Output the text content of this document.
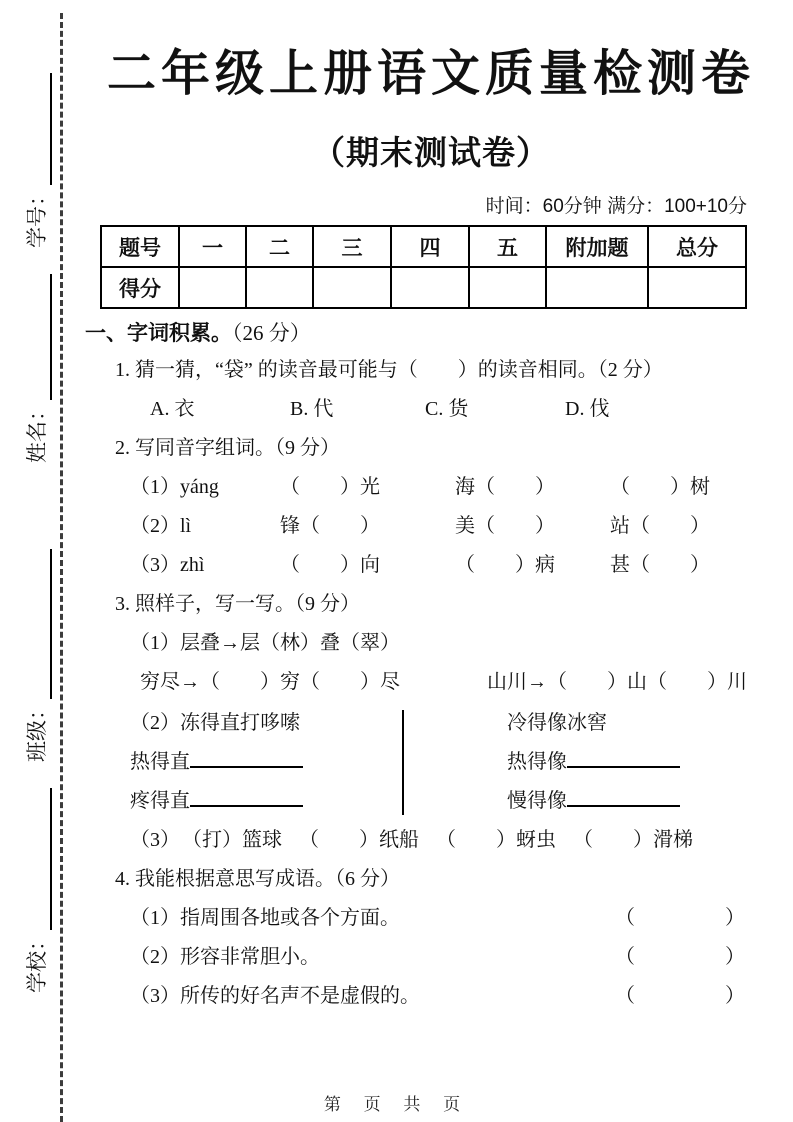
学校：
班级：
姓名：
学号：
二年级上册语文质量检测卷
（期末测试卷）
时间：60分钟 满分：100+10分
题号	一	二	三	四	五	附加题	总分
得分							
一、字词积累。（26 分）
1. 猜一猜，“袋” 的读音最可能与（　　）的读音相同。（2 分）
A. 衣	B. 代	C. 货	D. 伐
2. 写同音字组词。（9 分）
（1）yáng	（　　）光	海（　　）	（　　）树
（2）lì	锋（　　）	美（　　）	站（　　）
（3）zhì	（　　）向	（　　）病	甚（　　）
3. 照样子，写一写。（9 分）
（1）层叠→层（林）叠（翠）
穷尽→（　　）穷（　　）尽	山川→（　　）山（　　）川
（2）冻得直打哆嗦
热得直
疼得直
冷得像冰窖
热得像
慢得像
（3） （打）篮球 （　　）纸船 （　　）蚜虫 （　　）滑梯
4. 我能根据意思写成语。（6 分）
（1）指周围各地或各个方面。	（　　　　）
（2）形容非常胆小。	（　　　　）
（3）所传的好名声不是虚假的。	（　　　　）
第 页 共 页
